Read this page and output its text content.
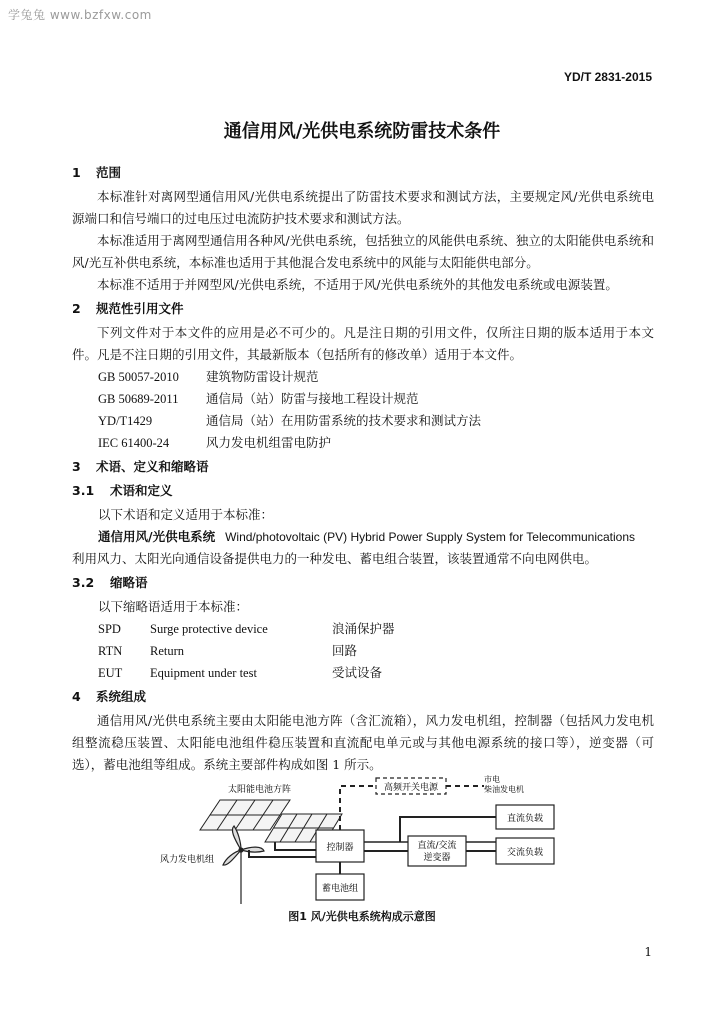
学兔兔 www.bzfxw.com
YD/T 2831-2015
通信用风/光供电系统防雷技术条件
1 范围

本标准针对离网型通信用风/光供电系统提出了防雷技术要求和测试方法，主要规定风/光供电系统电源端口和信号端口的过电压过电流防护技术要求和测试方法。

本标准适用于离网型通信用各种风/光供电系统，包括独立的风能供电系统、独立的太阳能供电系统和风/光互补供电系统，本标准也适用于其他混合发电系统中的风能与太阳能供电部分。

本标准不适用于并网型风/光供电系统，不适用于风/光供电系统外的其他发电系统或电源装置。

2 规范性引用文件

下列文件对于本文件的应用是必不可少的。凡是注日期的引用文件，仅所注日期的版本适用于本文件。凡是不注日期的引用文件，其最新版本（包括所有的修改单）适用于本文件。

GB 50057-2010	建筑物防雷设计规范
GB 50689-2011	通信局（站）防雷与接地工程设计规范
YD/T1429	通信局（站）在用防雷系统的技术要求和测试方法
IEC 61400-24	风力发电机组雷电防护
3 术语、定义和缩略语
3.1 术语和定义
以下术语和定义适用于本标准：
通信用风/光供电系统 Wind/photovoltaic (PV) Hybrid Power Supply System for Telecommunications
利用风力、太阳光向通信设备提供电力的一种发电、蓄电组合装置，该装置通常不向电网供电。
3.2 缩略语
以下缩略语适用于本标准：
SPD	Surge protective device	浪涌保护器
RTN	Return	回路
EUT	Equipment under test	受试设备
4 系统组成

通信用风/光供电系统主要由太阳能电池方阵（含汇流箱），风力发电机组，控制器（包括风力发电机组整流稳压装置、太阳能电池组件稳压装置和直流配电单元或与其他电源系统的接口等），逆变器（可选），蓄电池组等组成。系统主要部件构成如图 1 所示。

太阳能电池方阵
风力发电机组
控制器
蓄电池组
高频开关电源
市电
柴油发电机
直流负载
直流/交流
逆变器	交流负载
图1 风/光供电系统构成示意图
1
